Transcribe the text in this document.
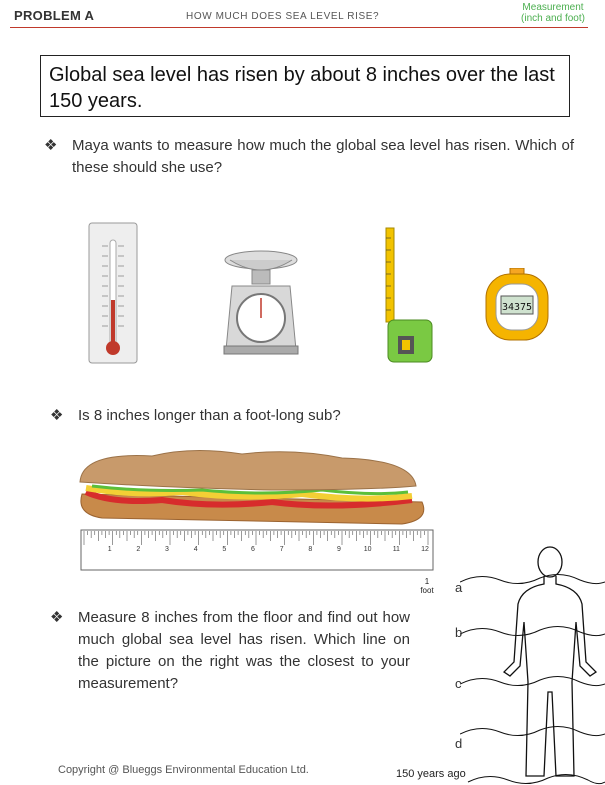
PROBLEM A	HOW MUCH DOES SEA LEVEL RISE?
Measurement
(inch and foot)
Global sea level has risen by about 8 inches over the last 150 years.
❖ Maya wants to measure how much the global sea level has risen. Which of these should she use?
34375
❖ Is 8 inches longer than a foot-long sub?
1	2	3	4	5	6	7	8	9	10	11	12
1
foot
❖ Measure 8 inches from the floor and find out how much global sea level has risen. Which line on the picture on the right was the closest to your measurement?
a
b
c
d
150 years ago
Copyright @ Blueggs Environmental Education Ltd.
